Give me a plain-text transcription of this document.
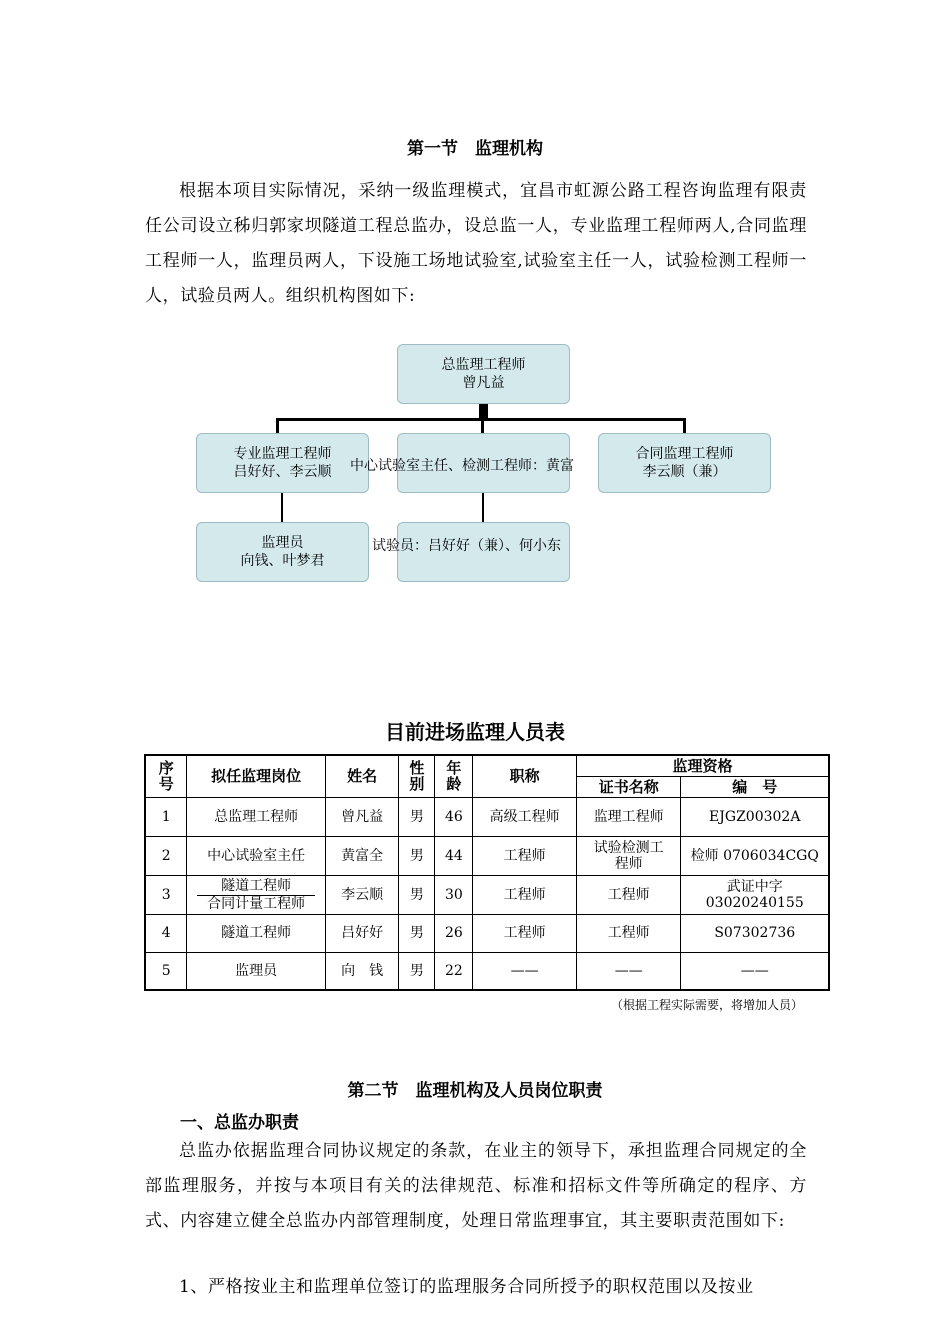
第一节　监理机构
根据本项目实际情况，采纳一级监理模式，宜昌市虹源公路工程咨询监理有限责任公司设立秭归郭家坝隧道工程总监办，设总监一人，专业监理工程师两人,合同监理工程师一人，监理员两人，下设施工场地试验室,试验室主任一人，试验检测工程师一人，试验员两人。组织机构图如下:
总监理工程师
曾凡益
专业监理工程师
吕好好、李云顺
合同监理工程师
李云顺（兼）
监理员
向钱、叶梦君
中心试验室主任、检测工程师：黄富
试验员：吕好好（兼）、何小东
目前进场监理人员表
序号	拟任监理岗位	姓名	性别	年龄	职称	监理资格	
						证书名称	编　号
1	总监理工程师	曾凡益	男	46	高级工程师	监理工程师	EJGZ00302A
2	中心试验室主任	黄富全	男	44	工程师	试验检测工程师	检师 0706034CGQ
3	隧道工程师
合同计量工程师	李云顺	男	30	工程师	工程师	武证中字03020240155
4	隧道工程师	吕好好	男	26	工程师	工程师	S07302736
5	监理员	向　钱	男	22	——	——	——
（根据工程实际需要，将增加人员）
第二节　监理机构及人员岗位职责
一、总监办职责
总监办依据监理合同协议规定的条款，在业主的领导下，承担监理合同规定的全部监理服务，并按与本项目有关的法律规范、标准和招标文件等所确定的程序、方式、内容建立健全总监办内部管理制度，处理日常监理事宜，其主要职责范围如下:
1、严格按业主和监理单位签订的监理服务合同所授予的职权范围以及按业
